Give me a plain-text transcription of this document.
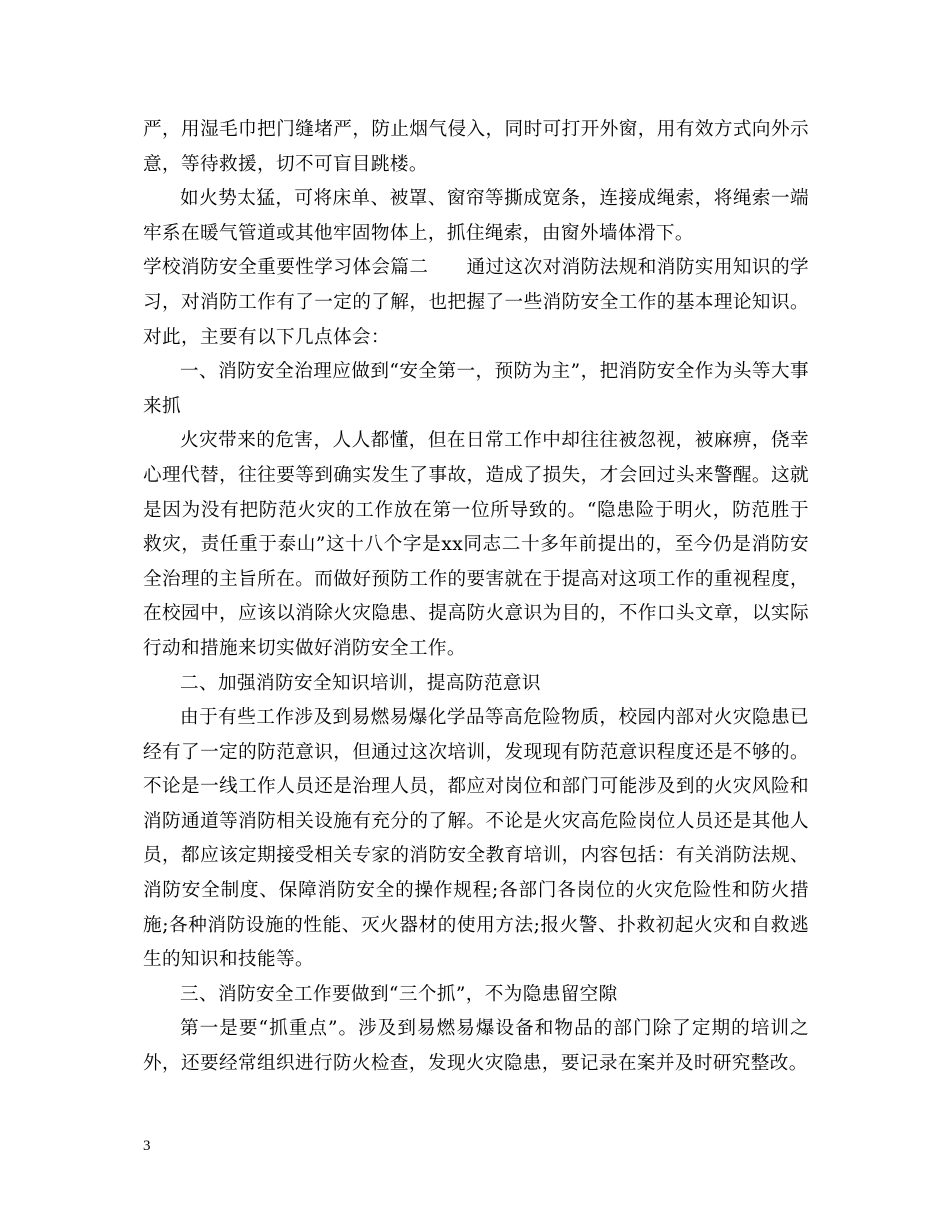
严，用湿毛巾把门缝堵严，防止烟气侵入，同时可打开外窗，用有效方式向外示意，等待救援，切不可盲目跳楼。

如火势太猛，可将床单、被罩、窗帘等撕成宽条，连接成绳索，将绳索一端牢系在暖气管道或其他牢固物体上，抓住绳索，由窗外墙体滑下。

学校消防安全重要性学习体会篇二　　通过这次对消防法规和消防实用知识的学习，对消防工作有了一定的了解，也把握了一些消防安全工作的基本理论知识。对此，主要有以下几点体会：

一、消防安全治理应做到“安全第一，预防为主”，把消防安全作为头等大事来抓

火灾带来的危害，人人都懂，但在日常工作中却往往被忽视，被麻痹，侥幸心理代替，往往要等到确实发生了事故，造成了损失，才会回过头来警醒。这就是因为没有把防范火灾的工作放在第一位所导致的。“隐患险于明火，防范胜于救灾，责任重于泰山”这十八个字是xx同志二十多年前提出的，至今仍是消防安全治理的主旨所在。而做好预防工作的要害就在于提高对这项工作的重视程度，在校园中，应该以消除火灾隐患、提高防火意识为目的，不作口头文章，以实际行动和措施来切实做好消防安全工作。

二、加强消防安全知识培训，提高防范意识

由于有些工作涉及到易燃易爆化学品等高危险物质，校园内部对火灾隐患已经有了一定的防范意识，但通过这次培训，发现现有防范意识程度还是不够的。不论是一线工作人员还是治理人员，都应对岗位和部门可能涉及到的火灾风险和消防通道等消防相关设施有充分的了解。不论是火灾高危险岗位人员还是其他人员，都应该定期接受相关专家的消防安全教育培训，内容包括：有关消防法规、消防安全制度、保障消防安全的操作规程;各部门各岗位的火灾危险性和防火措施;各种消防设施的性能、灭火器材的使用方法;报火警、扑救初起火灾和自救逃生的知识和技能等。

三、消防安全工作要做到“三个抓”，不为隐患留空隙

第一是要“抓重点”。涉及到易燃易爆设备和物品的部门除了定期的培训之外，还要经常组织进行防火检查，发现火灾隐患，要记录在案并及时研究整改。

3
